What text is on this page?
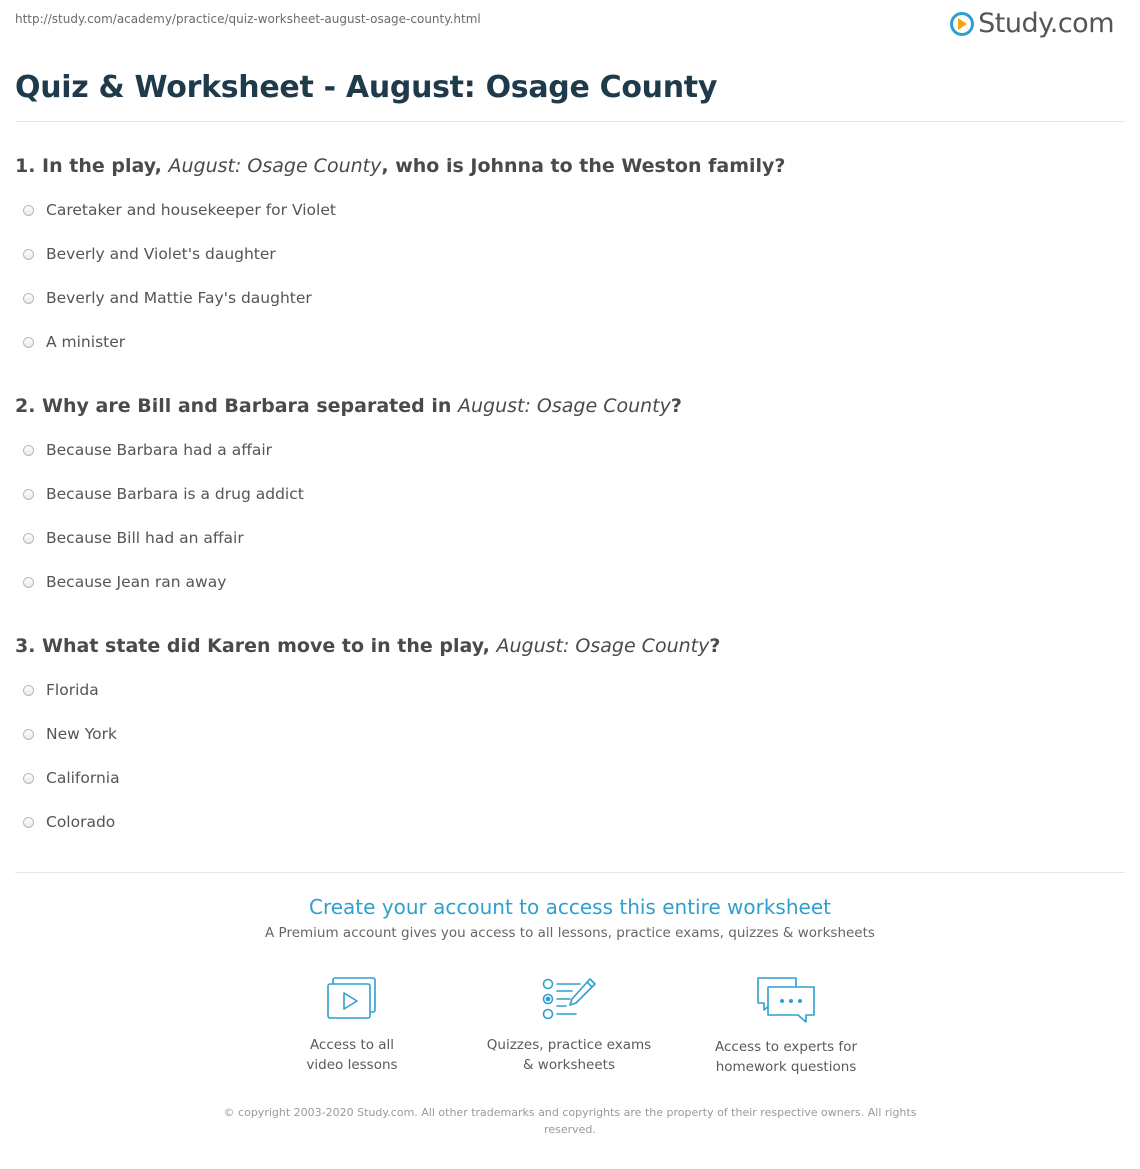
http://study.com/academy/practice/quiz-worksheet-august-osage-county.html	Study.com
Quiz & Worksheet - August: Osage County
1. In the play, August: Osage County, who is Johnna to the Weston family?
Caretaker and housekeeper for Violet
Beverly and Violet's daughter
Beverly and Mattie Fay's daughter
A minister
2. Why are Bill and Barbara separated in August: Osage County?
Because Barbara had a affair
Because Barbara is a drug addict
Because Bill had an affair
Because Jean ran away
3. What state did Karen move to in the play, August: Osage County?
Florida
New York
California
Colorado
Create your account to access this entire worksheet
A Premium account gives you access to all lessons, practice exams, quizzes & worksheets
Access to all
video lessons
Quizzes, practice exams
& worksheets
Access to experts for
homework questions
© copyright 2003-2020 Study.com. All other trademarks and copyrights are the property of their respective owners. All rights
reserved.
